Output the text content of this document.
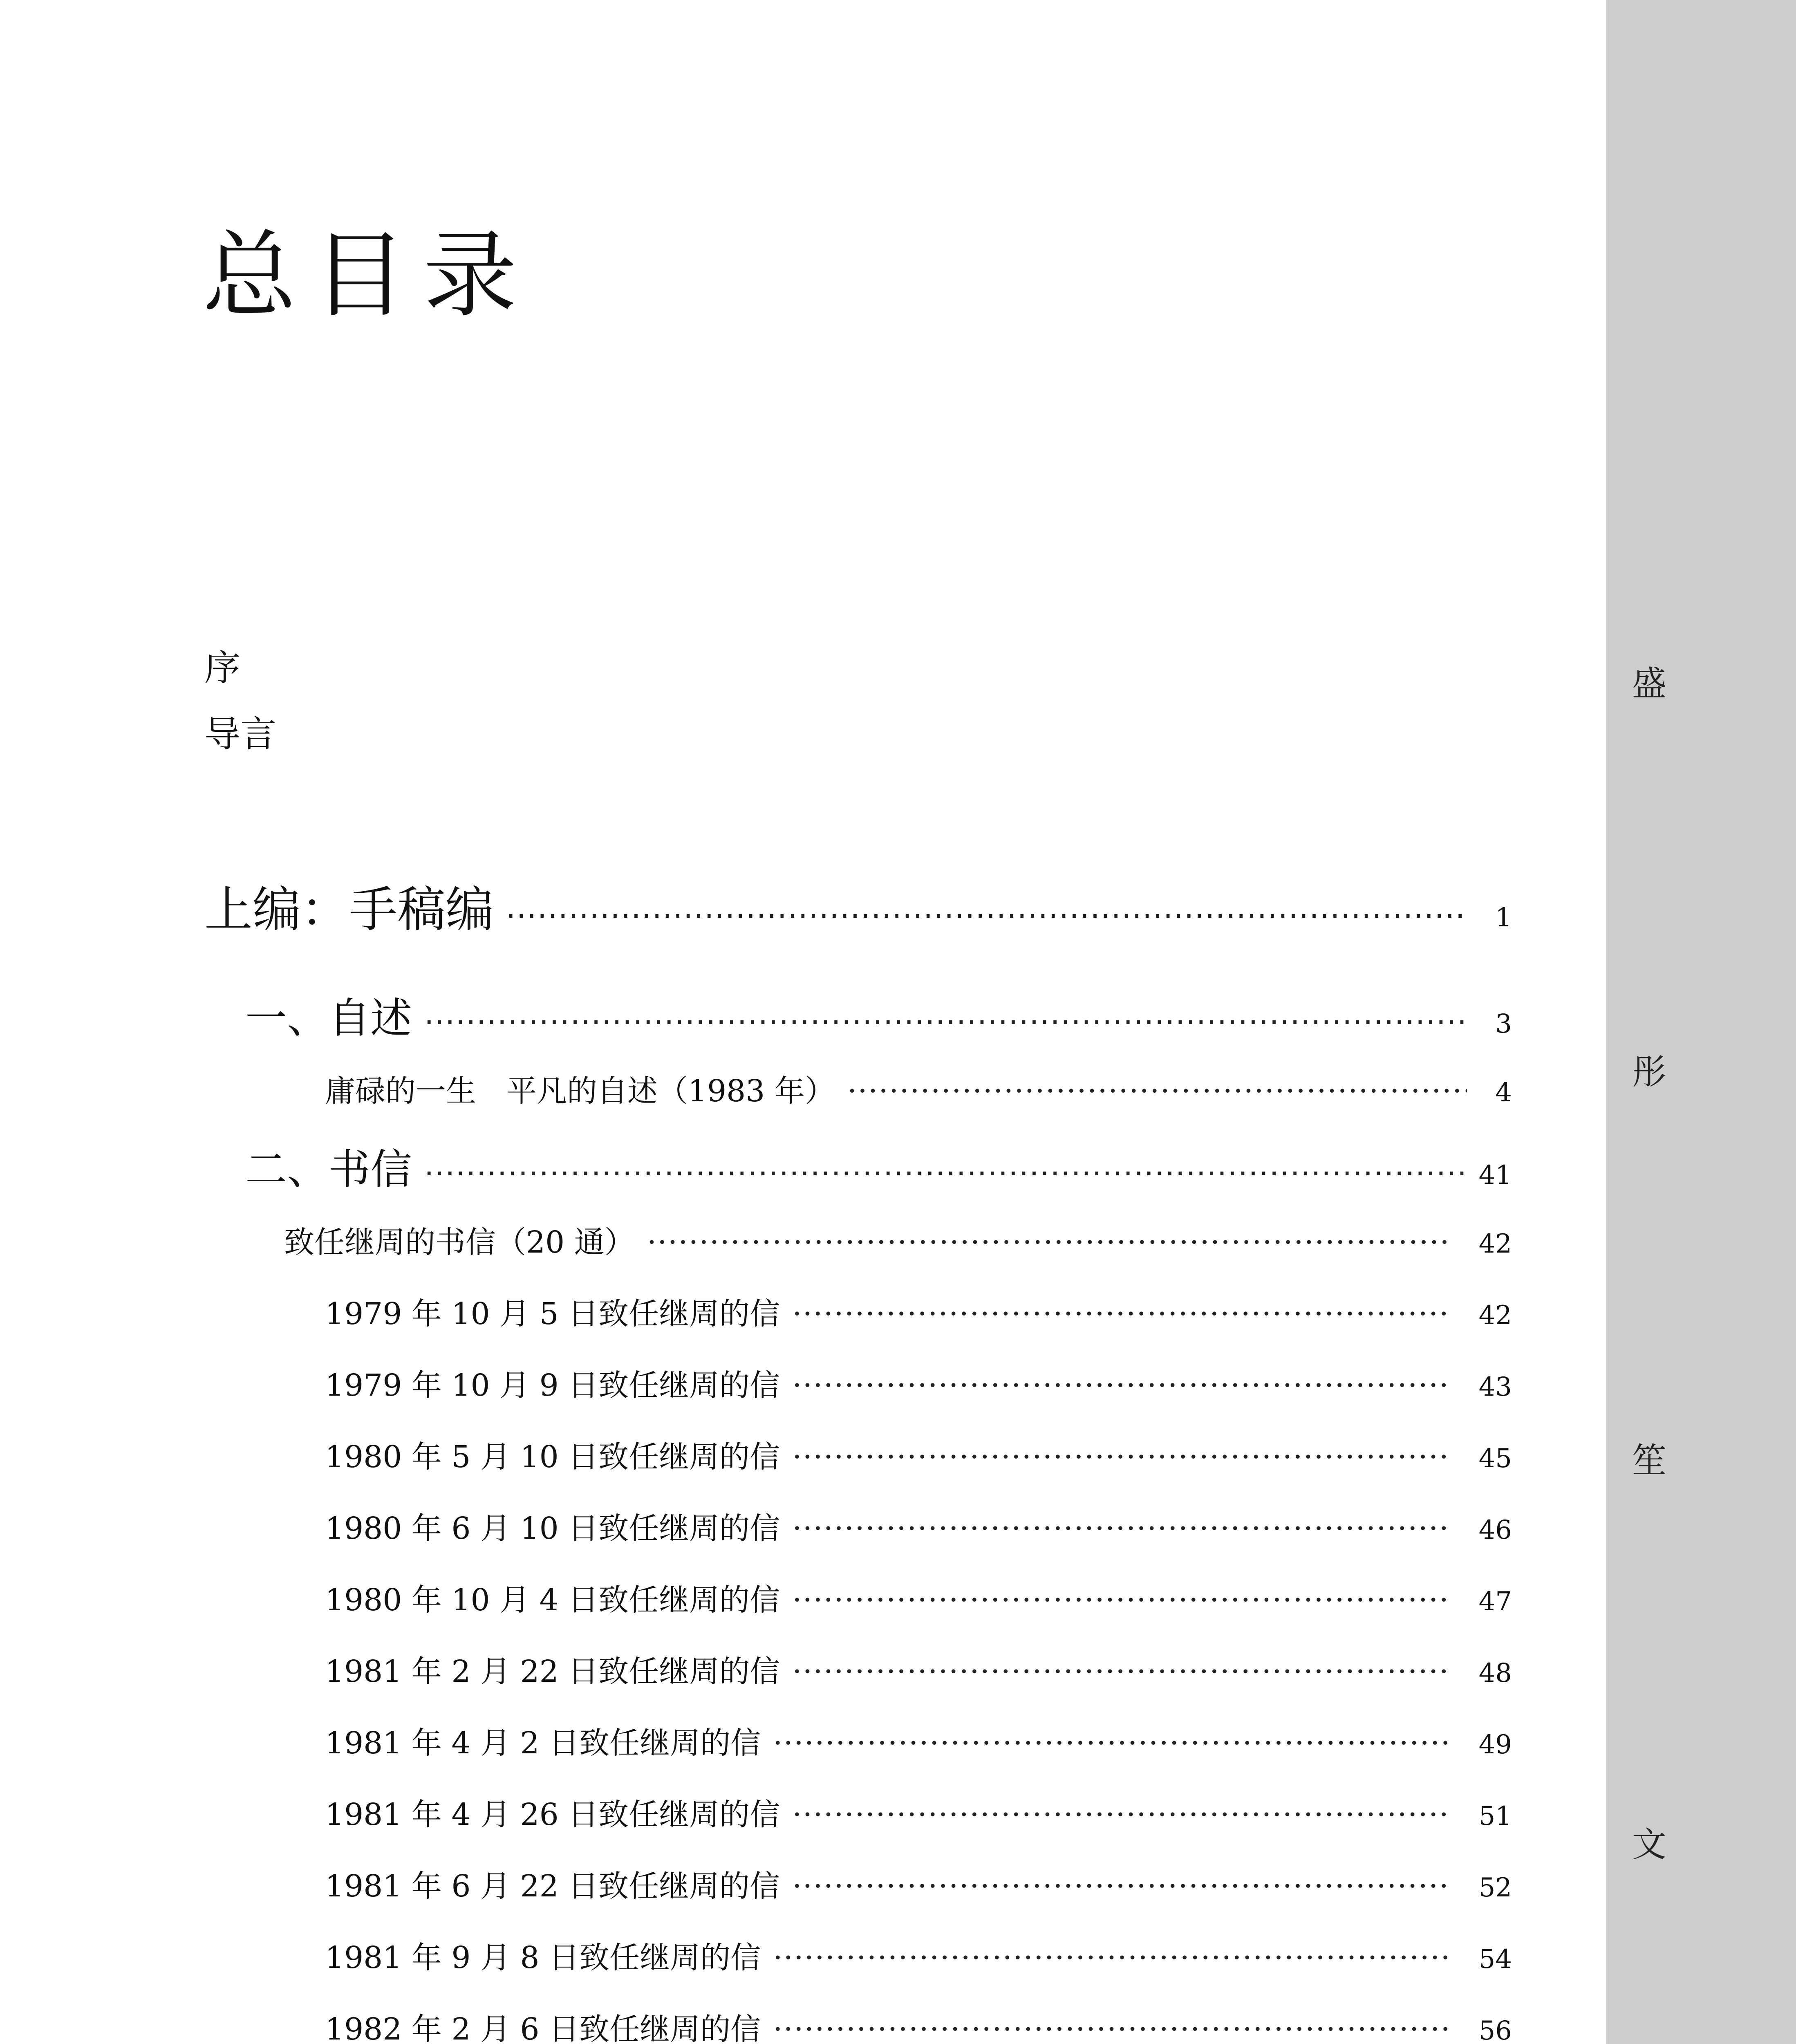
总目录
序
导言
上编：手稿编 ·····	1
一、自述 ·····	3
庸碌的一生　平凡的自述（1983 年） ·····	4
二、书信 ·····	41
致任继周的书信（20 通） ·····	42
1979 年 10 月 5 日致任继周的信 ·····	42
1979 年 10 月 9 日致任继周的信 ·····	43
1980 年 5 月 10 日致任继周的信 ·····	45
1980 年 6 月 10 日致任继周的信 ·····	46
1980 年 10 月 4 日致任继周的信 ·····	47
1981 年 2 月 22 日致任继周的信 ·····	48
1981 年 4 月 2 日致任继周的信 ·····	49
1981 年 4 月 26 日致任继周的信 ·····	51
1981 年 6 月 22 日致任继周的信 ·····	52
1981 年 9 月 8 日致任继周的信 ·····	54
1982 年 2 月 6 日致任继周的信 ·····	56
盛
彤
笙
文
